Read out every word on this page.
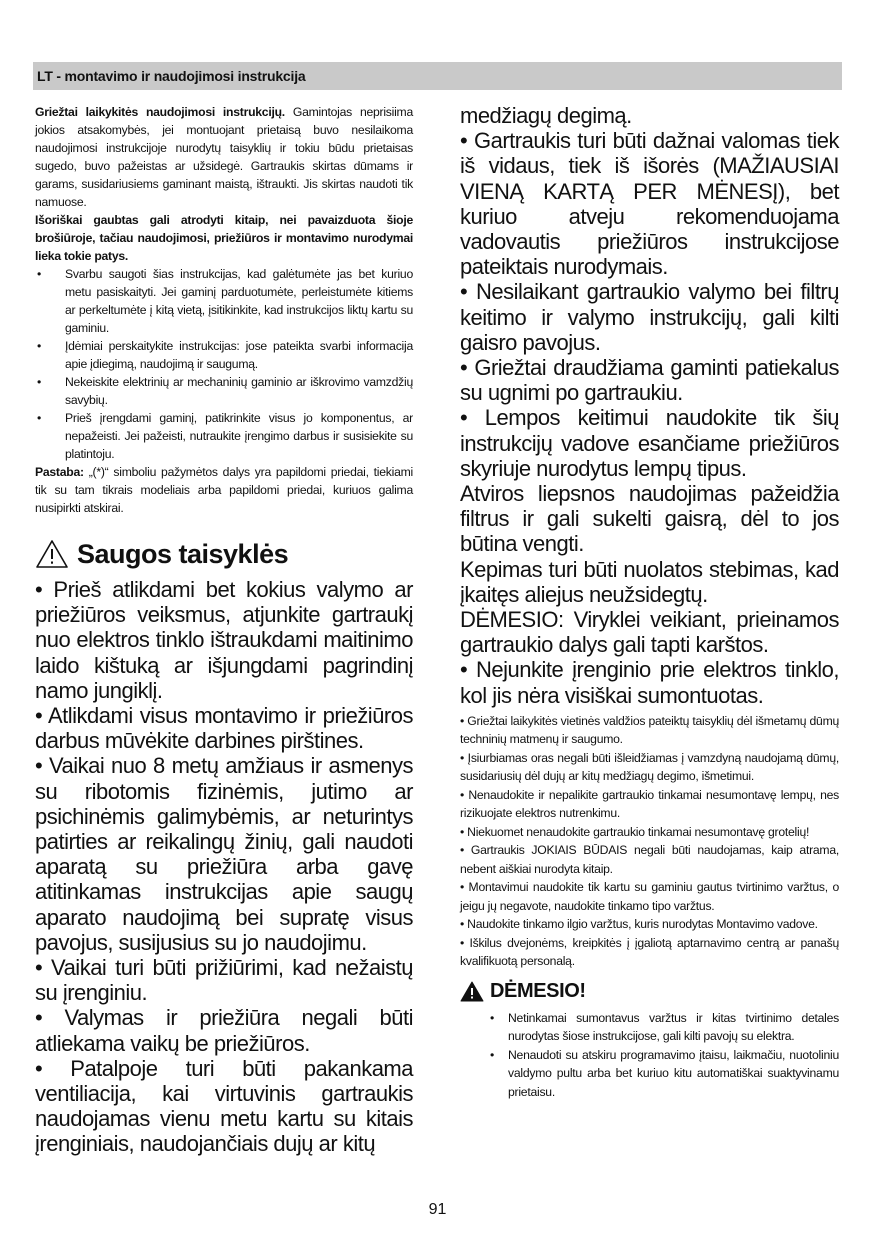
LT - montavimo ir naudojimosi instrukcija

Griežtai laikykitės naudojimosi instrukcijų. Gamintojas neprisiima jokios atsakomybės, jei montuojant prietaisą buvo nesilaikoma naudojimosi instrukcijoje nurodytų taisyklių ir tokiu būdu prietaisas sugedo, buvo pažeistas ar užsidegė. Gartraukis skirtas dūmams ir garams, susidariusiems gaminant maistą, ištraukti. Jis skirtas naudoti tik namuose.

Išoriškai gaubtas gali atrodyti kitaip, nei pavaizduota šioje brošiūroje, tačiau naudojimosi, priežiūros ir montavimo nurodymai lieka tokie patys.

• Svarbu saugoti šias instrukcijas, kad galėtumėte jas bet kuriuo metu pasiskaityti. Jei gaminį parduotumėte, perleistumėte kitiems ar perkeltumėte į kitą vietą, įsitikinkite, kad instrukcijos liktų kartu su gaminiu.
• Įdėmiai perskaitykite instrukcijas: jose pateikta svarbi informacija apie įdiegimą, naudojimą ir saugumą.
• Nekeiskite elektrinių ar mechaninių gaminio ar iškrovimo vamzdžių savybių.
• Prieš įrengdami gaminį, patikrinkite visus jo komponentus, ar nepažeisti. Jei pažeisti, nutraukite įrengimo darbus ir susisiekite su platintoju.

Pastaba: „(*)“ simboliu pažymėtos dalys yra papildomi priedai, tiekiami tik su tam tikrais modeliais arba papildomi priedai, kuriuos galima nusipirkti atskirai.

Saugos taisyklės

• Prieš atlikdami bet kokius valymo ar priežiūros veiksmus, atjunkite gartraukį nuo elektros tinklo ištraukdami maitinimo laido kištuką ar išjungdami pagrindinį namo jungiklį.

• Atlikdami visus montavimo ir priežiūros darbus mūvėkite darbines pirštines.

• Vaikai nuo 8 metų amžiaus ir asmenys su ribotomis fizinėmis, jutimo ar psichinėmis galimybėmis, ar neturintys patirties ar reikalingų žinių, gali naudoti aparatą su priežiūra arba gavę atitinkamas instrukcijas apie saugų aparato naudojimą bei supratę visus pavojus, susijusius su jo naudojimu.

• Vaikai turi būti prižiūrimi, kad nežaistų su įrenginiu.

• Valymas ir priežiūra negali būti atliekama vaikų be priežiūros.

• Patalpoje turi būti pakankama ventiliacija, kai virtuvinis gartraukis naudojamas vienu metu kartu su kitais įrenginiais, naudojančiais dujų ar kitų

medžiagų degimą.

• Gartraukis turi būti dažnai valomas tiek iš vidaus, tiek iš išorės (MAŽIAUSIAI VIENĄ KARTĄ PER MĖNESĮ), bet kuriuo atveju rekomenduojama vadovautis priežiūros instrukcijose pateiktais nurodymais.

• Nesilaikant gartraukio valymo bei filtrų keitimo ir valymo instrukcijų, gali kilti gaisro pavojus.

• Griežtai draudžiama gaminti patiekalus su ugnimi po gartraukiu.

• Lempos keitimui naudokite tik šių instrukcijų vadove esančiame priežiūros skyriuje nurodytus lempų tipus.

Atviros liepsnos naudojimas pažeidžia filtrus ir gali sukelti gaisrą, dėl to jos būtina vengti.

Kepimas turi būti nuolatos stebimas, kad įkaitęs aliejus neužsidegtų.

DĖMESIO: Viryklei veikiant, prieinamos gartraukio dalys gali tapti karštos.

• Nejunkite įrenginio prie elektros tinklo, kol jis nėra visiškai sumontuotas.

• Griežtai laikykitės vietinės valdžios pateiktų taisyklių dėl išmetamų dūmų techninių matmenų ir saugumo.

• Įsiurbiamas oras negali būti išleidžiamas į vamzdyną naudojamą dūmų, susidariusių dėl dujų ar kitų medžiagų degimo, išmetimui.

• Nenaudokite ir nepalikite gartraukio tinkamai nesumontavę lempų, nes rizikuojate elektros nutrenkimu.

• Niekuomet nenaudokite gartraukio tinkamai nesumontavę grotelių!

• Gartraukis JOKIAIS BŪDAIS negali būti naudojamas, kaip atrama, nebent aiškiai nurodyta kitaip.

• Montavimui naudokite tik kartu su gaminiu gautus tvirtinimo varžtus, o jeigu jų negavote, naudokite tinkamo tipo varžtus.

• Naudokite tinkamo ilgio varžtus, kuris nurodytas Montavimo vadove.

• Iškilus dvejonėms, kreipkitės į įgaliotą aptarnavimo centrą ar panašų kvalifikuotą personalą.

DĖMESIO!
• Netinkamai sumontavus varžtus ir kitas tvirtinimo detales nurodytas šiose instrukcijose, gali kilti pavojų su elektra.
• Nenaudoti su atskiru programavimo įtaisu, laikmačiu, nuotoliniu valdymo pultu arba bet kuriuo kitu automatiškai suaktyvinamu prietaisu.
91
